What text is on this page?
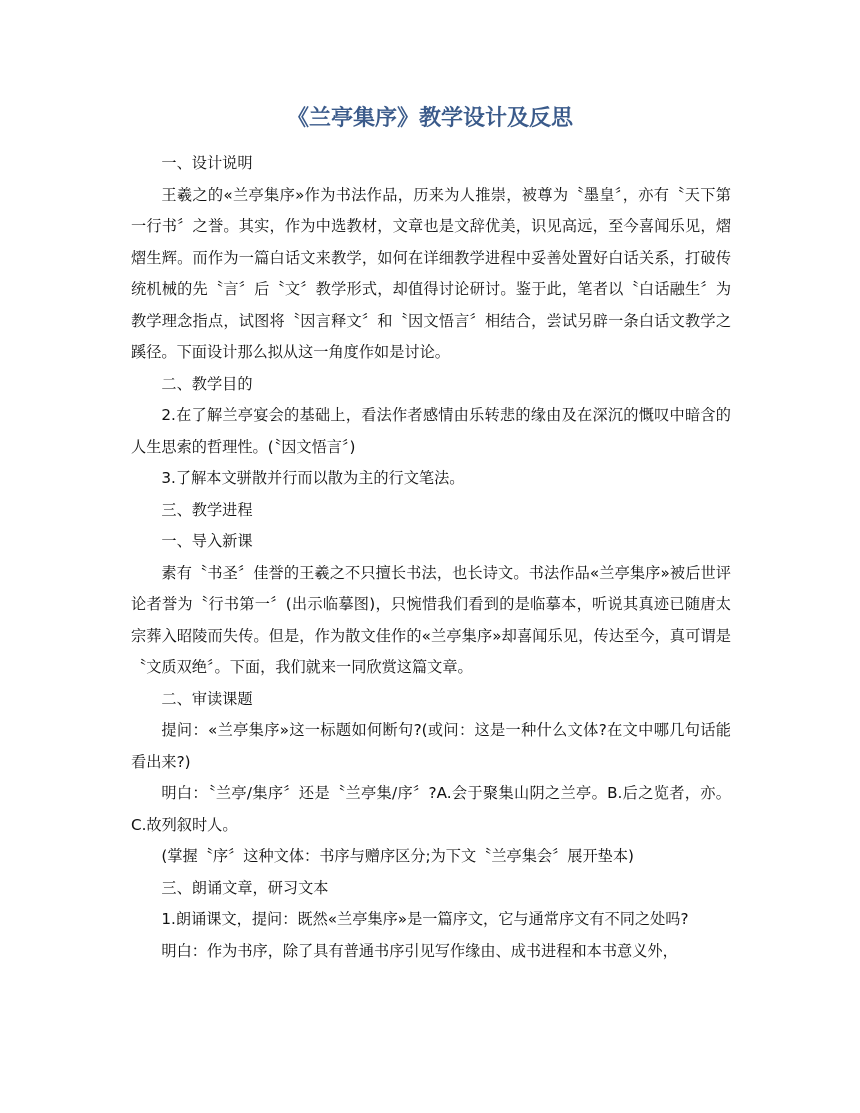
《兰亭集序》教学设计及反思

一、设计说明

王羲之的«兰亭集序»作为书法作品，历来为人推崇，被尊为〝墨皇〞，亦有〝天下第一行书〞之誉。其实，作为中选教材，文章也是文辞优美，识见高远，至今喜闻乐见，熠熠生辉。而作为一篇白话文来教学，如何在详细教学进程中妥善处置好白话关系，打破传统机械的先〝言〞后〝文〞教学形式，却值得讨论研讨。鉴于此，笔者以〝白话融生〞为教学理念指点，试图将〝因言释文〞和〝因文悟言〞相结合，尝试另辟一条白话文教学之蹊径。下面设计那么拟从这一角度作如是讨论。

二、教学目的

2.在了解兰亭宴会的基础上，看法作者感情由乐转悲的缘由及在深沉的慨叹中暗含的人生思索的哲理性。(〝因文悟言〞)

3.了解本文骈散并行而以散为主的行文笔法。

三、教学进程

一、导入新课

素有〝书圣〞佳誉的王羲之不只擅长书法，也长诗文。书法作品«兰亭集序»被后世评论者誉为〝行书第一〞(出示临摹图)，只惋惜我们看到的是临摹本，听说其真迹已随唐太宗葬入昭陵而失传。但是，作为散文佳作的«兰亭集序»却喜闻乐见，传达至今，真可谓是〝文质双绝〞。下面，我们就来一同欣赏这篇文章。

二、审读课题

提问：«兰亭集序»这一标题如何断句?(或问：这是一种什么文体?在文中哪几句话能看出来?)

明白：〝兰亭/集序〞还是〝兰亭集/序〞?A.会于聚集山阴之兰亭。B.后之览者，亦。C.故列叙时人。

(掌握〝序〞这种文体：书序与赠序区分;为下文〝兰亭集会〞展开垫本)

三、朗诵文章，研习文本

1.朗诵课文，提问：既然«兰亭集序»是一篇序文，它与通常序文有不同之处吗?

明白：作为书序，除了具有普通书序引见写作缘由、成书进程和本书意义外，
